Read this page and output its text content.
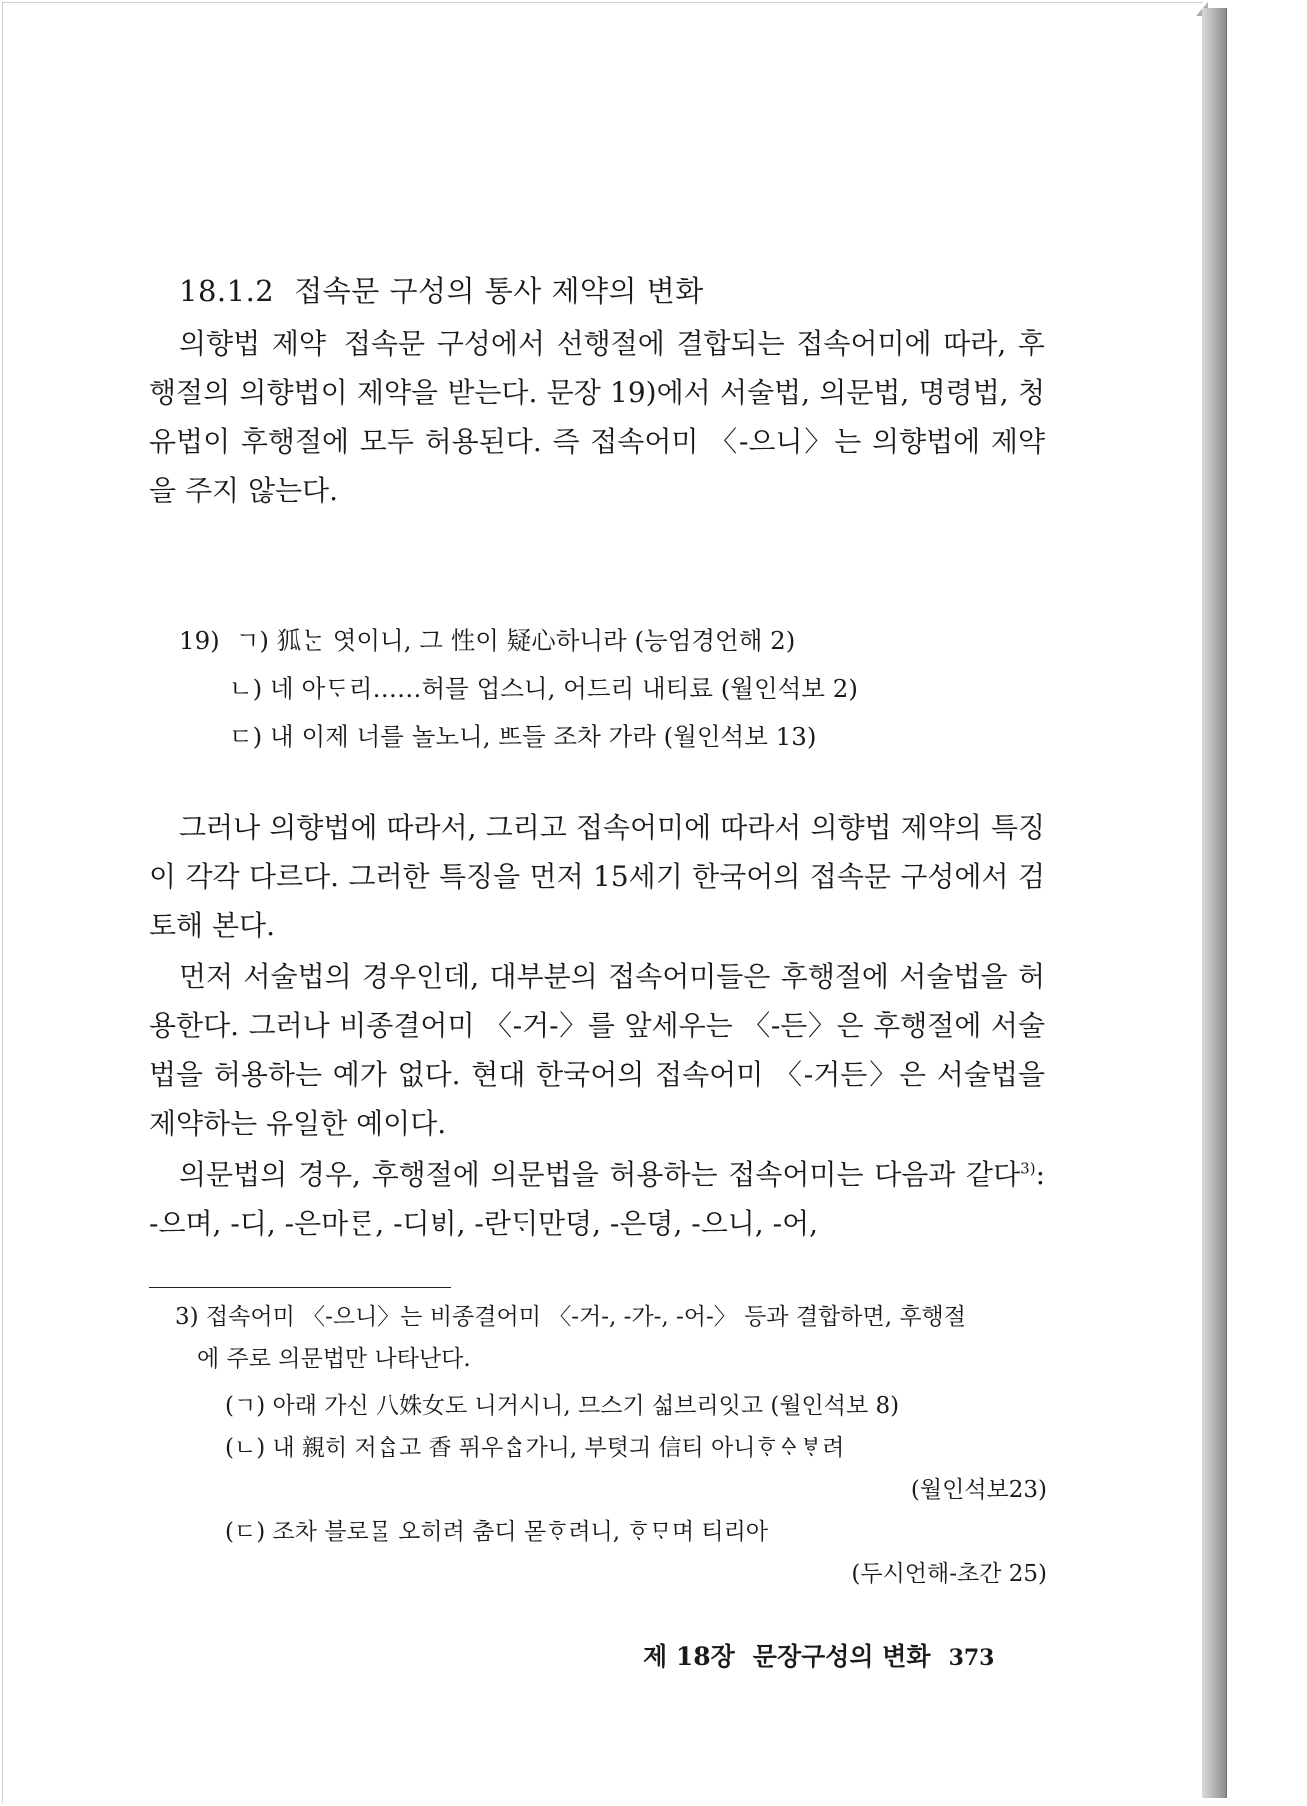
18.1.2 접속문 구성의 통사 제약의 변화

의향법 제약 접속문 구성에서 선행절에 결합되는 접속어미에 따라, 후행절의 의향법이 제약을 받는다. 문장 19)에서 서술법, 의문법, 명령법, 청유법이 후행절에 모두 허용된다. 즉 접속어미 〈-으니〉는 의향법에 제약을 주지 않는다.

19) ㄱ) 狐ᄂᆞᆫ 엿이니, 그 性이 疑心하니라 (능엄경언해 2)
ㄴ) 네 아ᄃᆞ리……허믈 업스니, 어드리 내티료 (월인석보 2)
ㄷ) 내 이제 너를 놀노니, ᄠᅳ들 조차 가라 (월인석보 13)

그러나 의향법에 따라서, 그리고 접속어미에 따라서 의향법 제약의 특징이 각각 다르다. 그러한 특징을 먼저 15세기 한국어의 접속문 구성에서 검토해 본다.

먼저 서술법의 경우인데, 대부분의 접속어미들은 후행절에 서술법을 허용한다. 그러나 비종결어미 〈-거-〉를 앞세우는 〈-든〉은 후행절에 서술법을 허용하는 예가 없다. 현대 한국어의 접속어미 〈-거든〉은 서술법을 제약하는 유일한 예이다.

의문법의 경우, 후행절에 의문법을 허용하는 접속어미는 다음과 같다$^{3)}$: -으며, -디, -은마ᄅᆞᆫ, -디ᄫᅵ, -란ᄃᆡ만뎡, -은뎡, -으니, -어,

3) 접속어미 〈-으니〉는 비종결어미 〈-거-, -가-, -어-〉 등과 결합하면, 후행절
에 주로 의문법만 나타난다.
(ㄱ) 아래 가신 八姝女도 니거시니, 므스기 섧브리잇고 (월인석보 8)
(ㄴ) 내 親히 저ᅀᆞᆸ고 香 퓌우ᅀᆞᆸ가니, 부텻긔 信티 아니ᄒᆞᅀᆞᄫᆞ려
(월인석보23)
(ㄷ) 조차 블로ᄆᆞᆯ 오히려 춤디 몯ᄒᆞ려니, ᄒᆞᄆᆞ며 티리아
(두시언해-초간 25)
제 18장 문장구성의 변화 373
